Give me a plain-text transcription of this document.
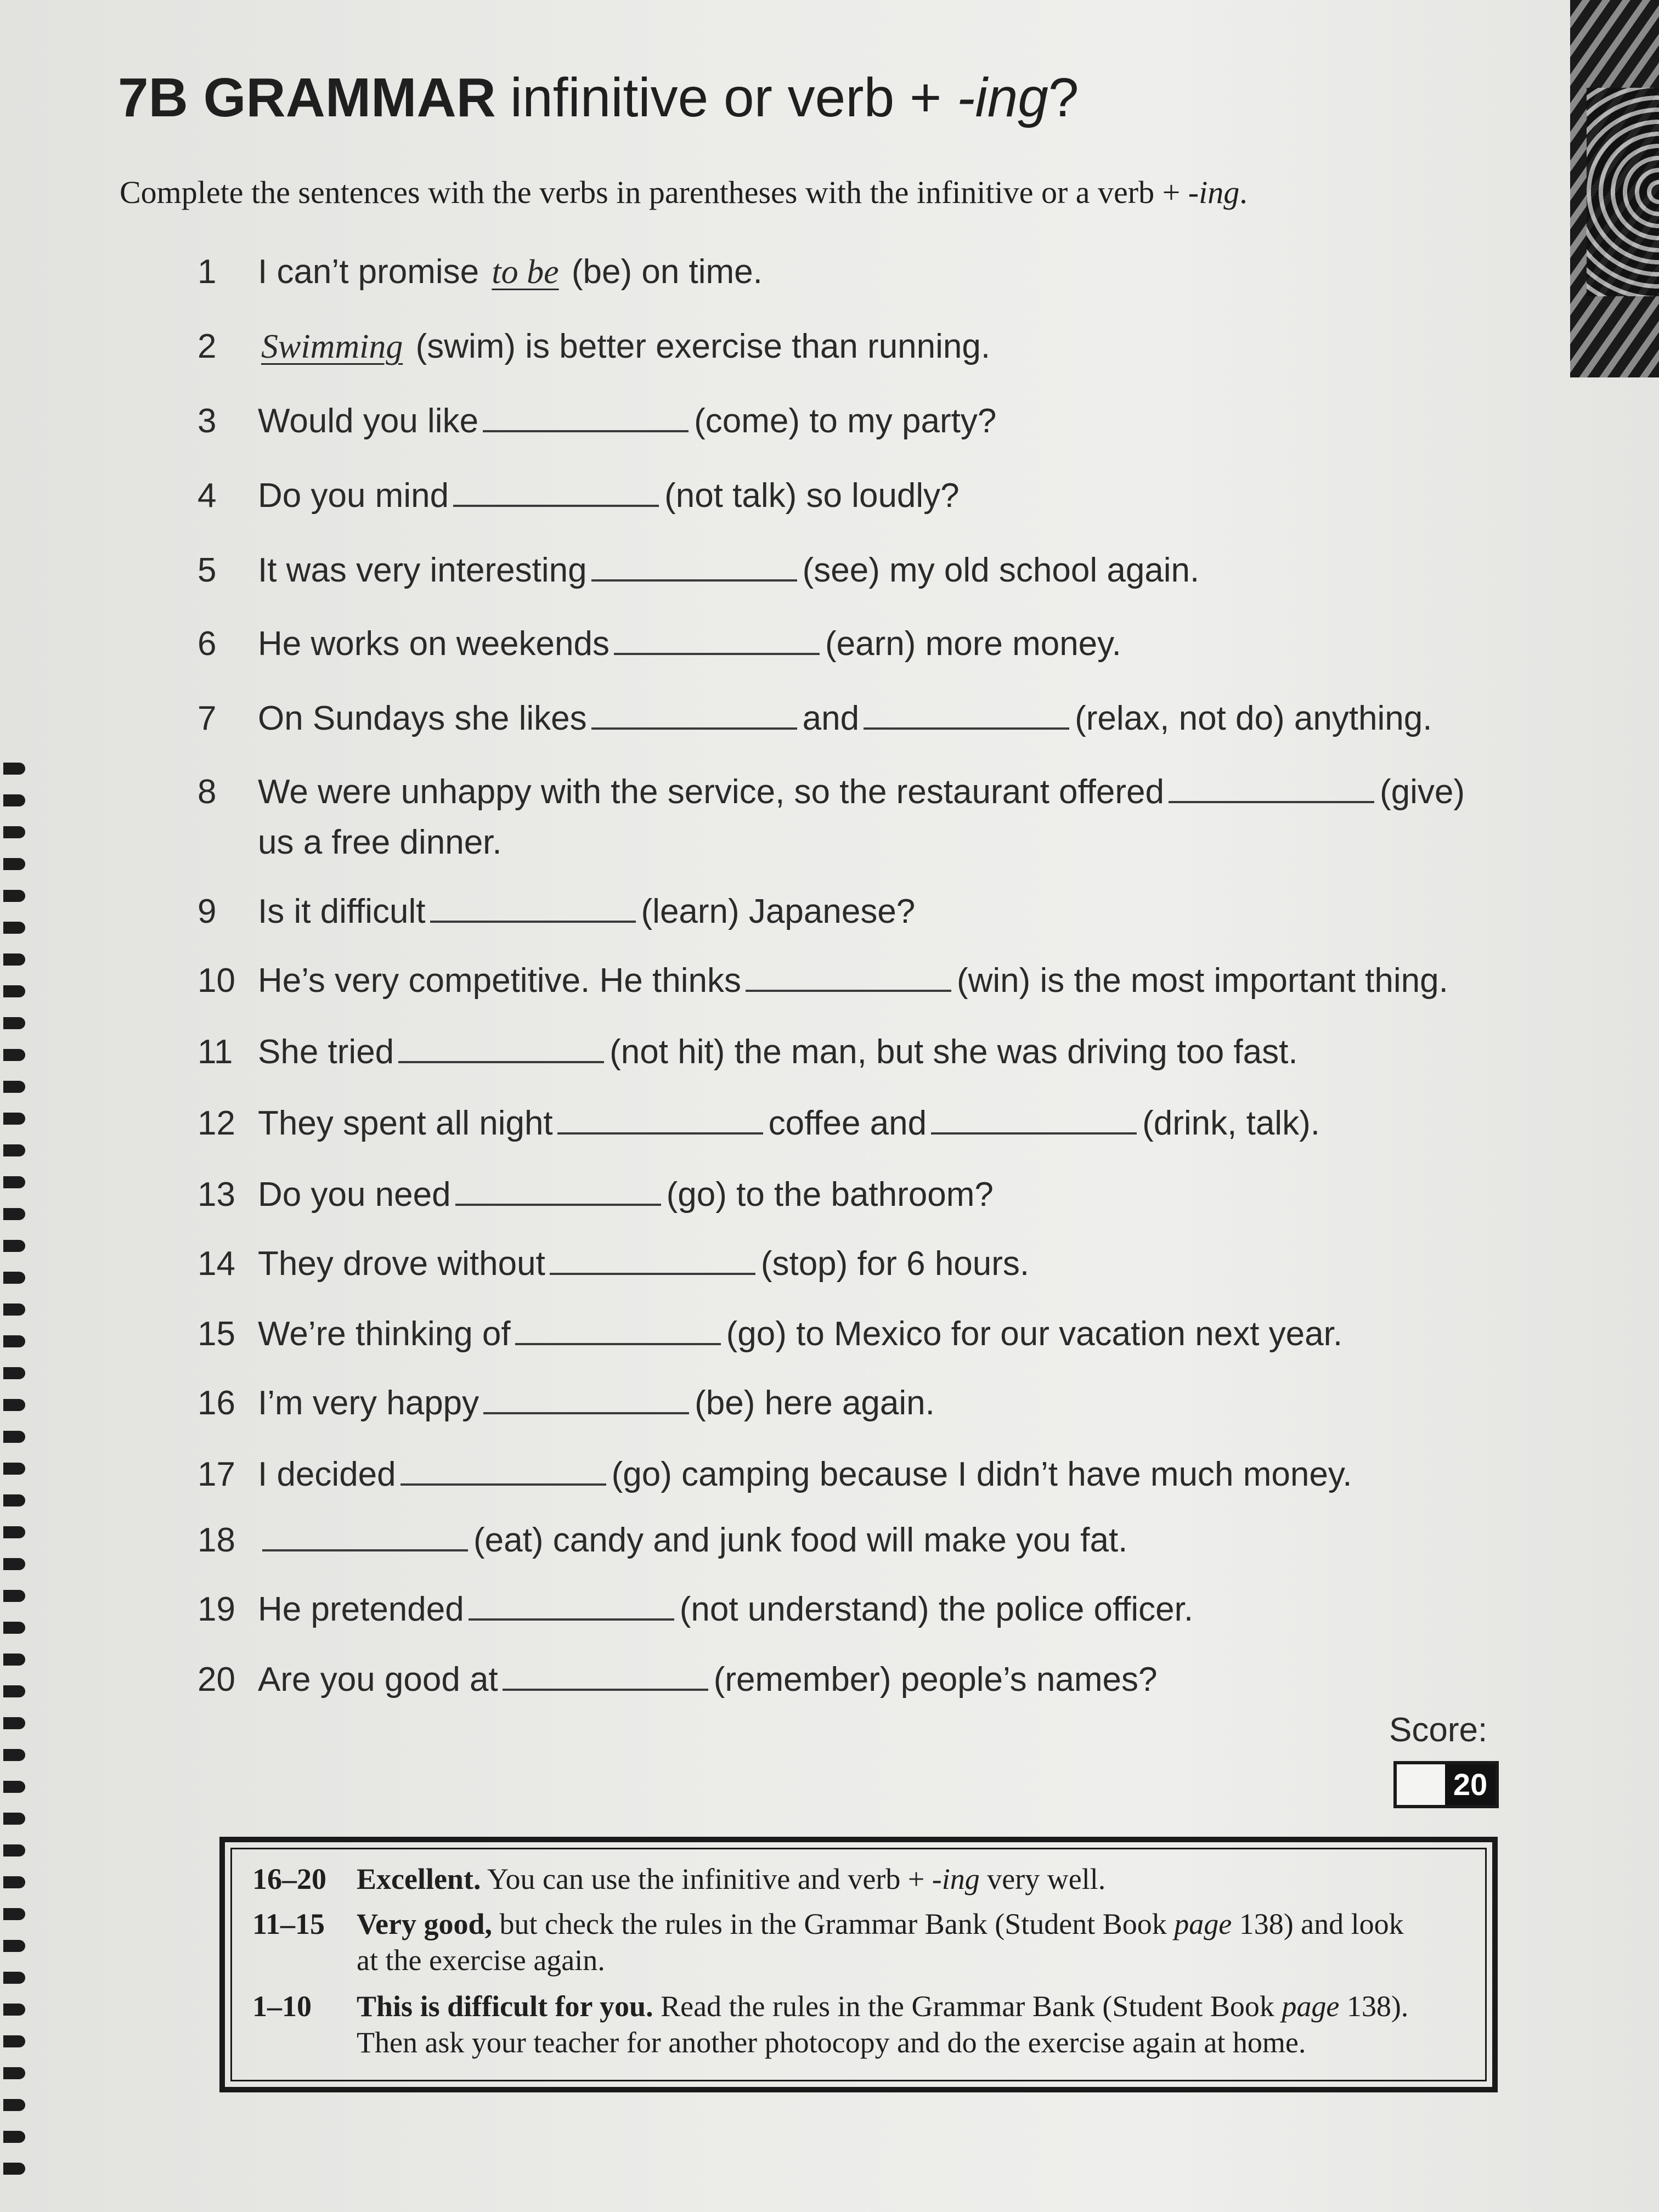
7B GRAMMAR infinitive or verb + -ing?

Complete the sentences with the verbs in parentheses with the infinitive or a verb + -ing.

1 I can’t promise to be (be) on time.
2 Swimming (swim) is better exercise than running.
3 Would you like	(come) to my party?
4 Do you mind	(not talk) so loudly?
5 It was very interesting	(see) my old school again.
6 He works on weekends	(earn) more money.
7 On Sundays she likes	and	(relax, not do) anything.
8 We were unhappy with the service, so the restaurant offered	(give)
us a free dinner.
9 Is it difficult	(learn) Japanese?
10 He’s very competitive. He thinks	(win) is the most important thing.
11 She tried	(not hit) the man, but she was driving too fast.
12 They spent all night	coffee and	(drink, talk).
13 Do you need	(go) to the bathroom?
14 They drove without	(stop) for 6 hours.
15 We’re thinking of	(go) to Mexico for our vacation next year.
16 I’m very happy	(be) here again.
17 I decided	(go) camping because I didn’t have much money.
18	(eat) candy and junk food will make you fat.
19 He pretended	(not understand) the police officer.
20 Are you good at	(remember) people’s names?
Score:
20
16–20	Excellent. You can use the infinitive and verb + -ing very well.
11–15	Very good, but check the rules in the Grammar Bank (Student Book page 138) and look at the exercise again.
1–10	This is difficult for you. Read the rules in the Grammar Bank (Student Book page 138). Then ask your teacher for another photocopy and do the exercise again at home.
